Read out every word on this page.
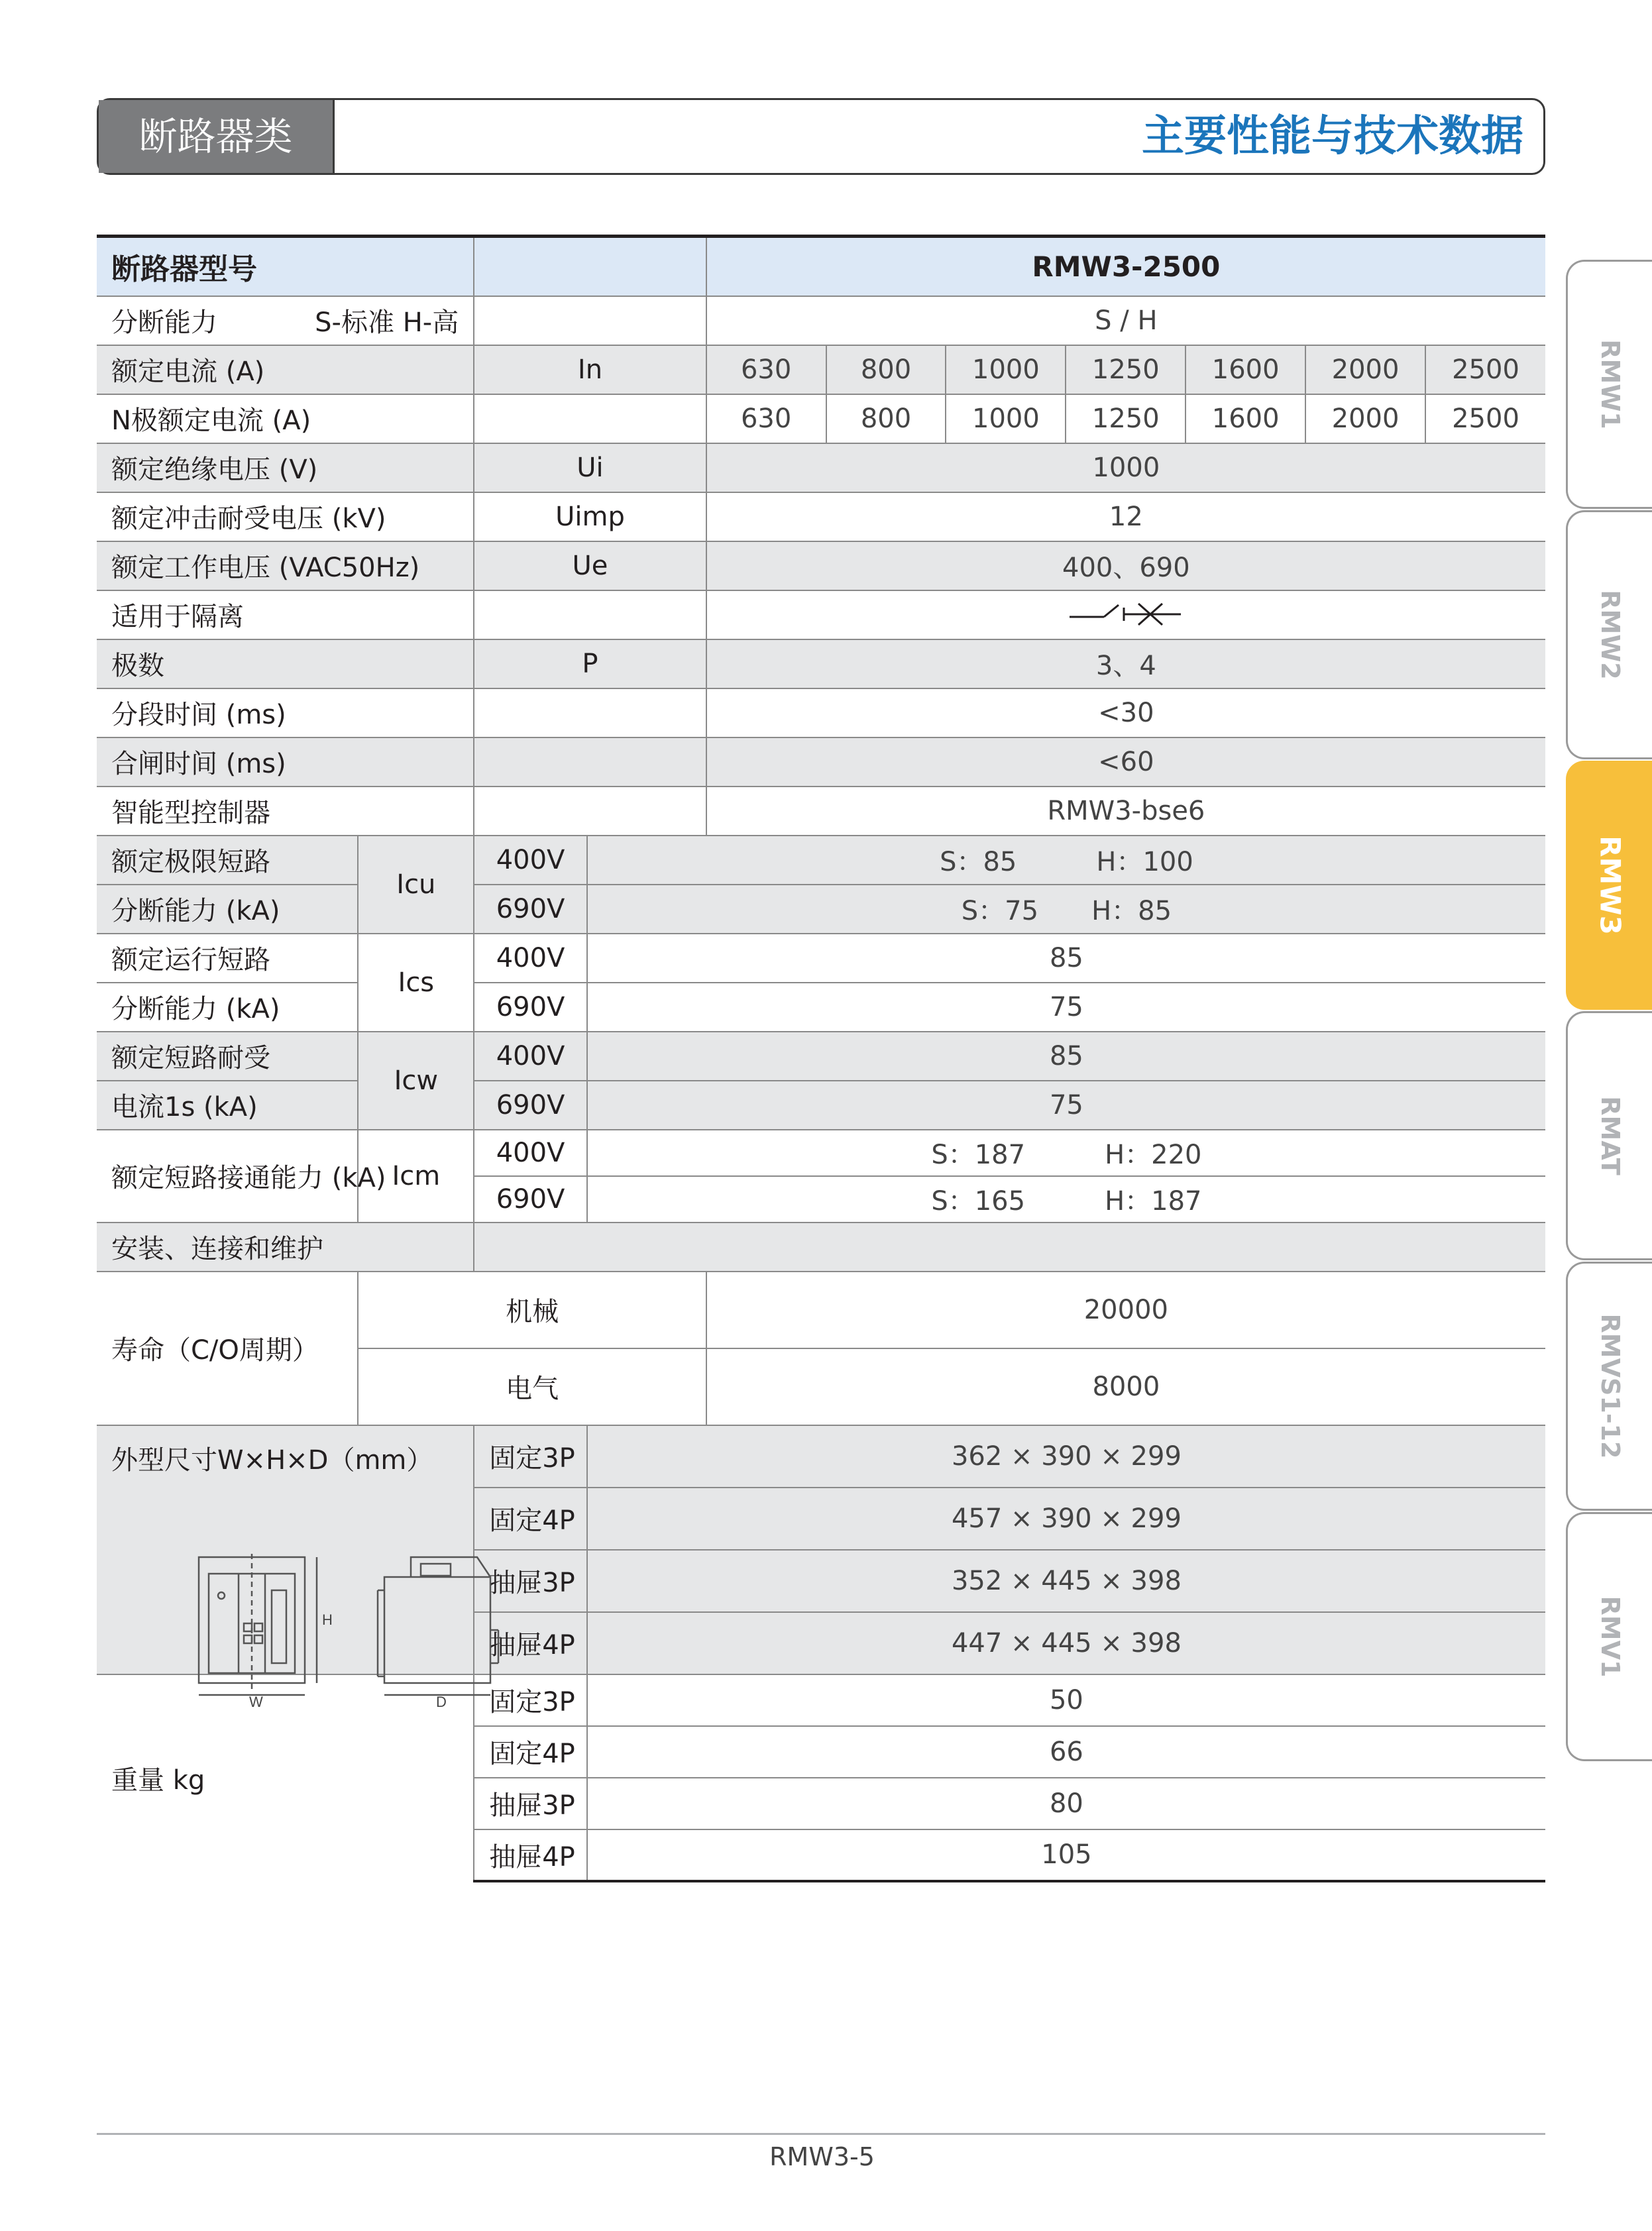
断路器类	主要性能与技术数据
断路器型号				RMW3-2500						
分断能力 S-标准 H-高				S / H						
额定电流 (A)		In		630	800	1000	1250	1600	2000	2500
N极额定电流 (A)				630	800	1000	1250	1600	2000	2500
额定绝缘电压 (V)		Ui		1000						
额定冲击耐受电压 (kV)		Uimp		12						
额定工作电压 (VAC50Hz)		Ue		400、690						
适用于隔离		
极数		P		3、4						
分段时间 (ms)				<30						
合闸时间 (ms)				<60						
智能型控制器				RMW3-bse6						
额定极限短路	Icu	400V	S：85　　　H：100							
分断能力 (kA)		690V	S：75　　H：85							
额定运行短路	Ics	400V	85							
分断能力 (kA)		690V	75							
额定短路耐受	Icw	400V	85							
电流1s (kA)		690V	75							
额定短路接通能力 (kA)	Icm	400V	S：187　　　H：220							
		690V	S：165　　　H：187							
安装、连接和维护										
寿命（C/O周期）	机械			20000						
	电气			8000						
外型尺寸W×H×D（mm）		固定3P	362 × 390 × 299							
		固定4P	457 × 390 × 299							
		抽屉3P	352 × 445 × 398							
		抽屉4P	447 × 445 × 398							
重量 kg		固定3P	50							
		固定4P	66							
		抽屉3P	80							
		抽屉4P	105							
W
H
D
RMW1
RMW2
RMW3
RMAT
RMVS1-12
RMV1
RMW3-5
